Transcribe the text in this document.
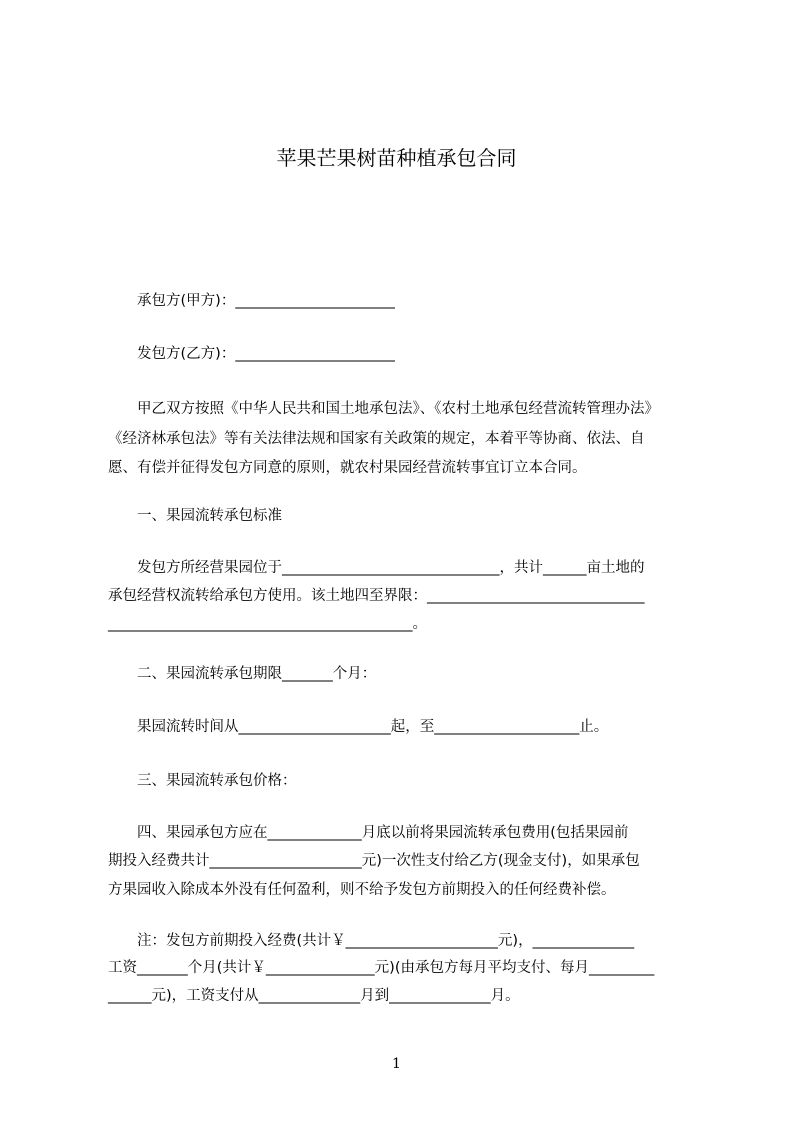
苹果芒果树苗种植承包合同
承包方(甲方)：______________________
发包方(乙方)：______________________
甲乙双方按照《中华人民共和国土地承包法》、《农村土地承包经营流转管理办法》
《经济林承包法》等有关法律法规和国家有关政策的规定，本着平等协商、依法、自
愿、有偿并征得发包方同意的原则，就农村果园经营流转事宜订立本合同。
一、果园流转承包标准
发包方所经营果园位于______________________________，共计______亩土地的
承包经营权流转给承包方使用。该土地四至界限：______________________________
__________________________________________。
二、果园流转承包期限_______个月：
果园流转时间从_____________________起，至____________________止。
三、果园流转承包价格：
四、果园承包方应在_____________月底以前将果园流转承包费用(包括果园前
期投入经费共计_____________________元)一次性支付给乙方(现金支付)，如果承包
方果园收入除成本外没有任何盈利，则不给予发包方前期投入的任何经费补偿。
注：发包方前期投入经费(共计￥_____________________元)，______________
工资_______个月(共计￥_______________元)(由承包方每月平均支付、每月_________
______元)，工资支付从______________月到______________月。
1
